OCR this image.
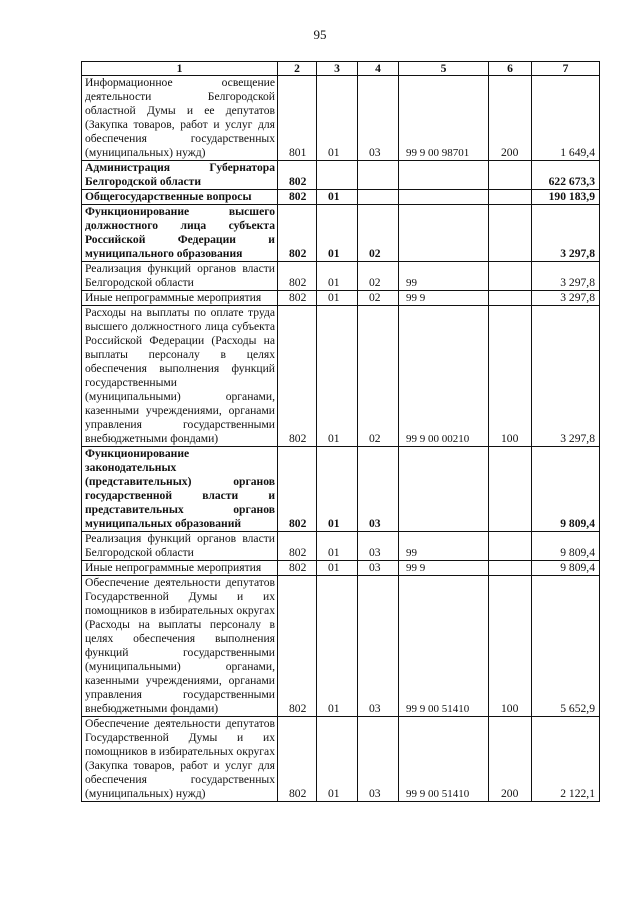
95
1	2	3	4	5	6	7
Информационное освещение деятельности Белгородской областной Думы и ее депутатов (Закупка товаров, работ и услуг для обеспечения государственных (муниципальных) нужд)	801	01	03	99 9 00 98701	200	1 649,4
Администрация Губернатора Белгородской области	802					622 673,3
Общегосударственные вопросы	802	01				190 183,9
Функционирование высшего должностного лица субъекта Российской Федерации и муниципального образования	802	01	02			3 297,8
Реализация функций органов власти Белгородской области	802	01	02	99		3 297,8
Иные непрограммные мероприятия	802	01	02	99 9		3 297,8
Расходы на выплаты по оплате труда высшего должностного лица субъекта Российской Федерации (Расходы на выплаты персоналу в целях обеспечения выполнения функций государственными (муниципальными) органами, казенными учреждениями, органами управления государственными внебюджетными фондами)	802	01	02	99 9 00 00210	100	3 297,8
Функционирование законодательных (представительных) органов государственной власти и представительных органов муниципальных образований	802	01	03			9 809,4
Реализация функций органов власти Белгородской области	802	01	03	99		9 809,4
Иные непрограммные мероприятия	802	01	03	99 9		9 809,4
Обеспечение деятельности депутатов Государственной Думы и их помощников в избирательных округах (Расходы на выплаты персоналу в целях обеспечения выполнения функций государственными (муниципальными) органами, казенными учреждениями, органами управления государственными внебюджетными фондами)	802	01	03	99 9 00 51410	100	5 652,9
Обеспечение деятельности депутатов Государственной Думы и их помощников в избирательных округах (Закупка товаров, работ и услуг для обеспечения государственных (муниципальных) нужд)	802	01	03	99 9 00 51410	200	2 122,1
